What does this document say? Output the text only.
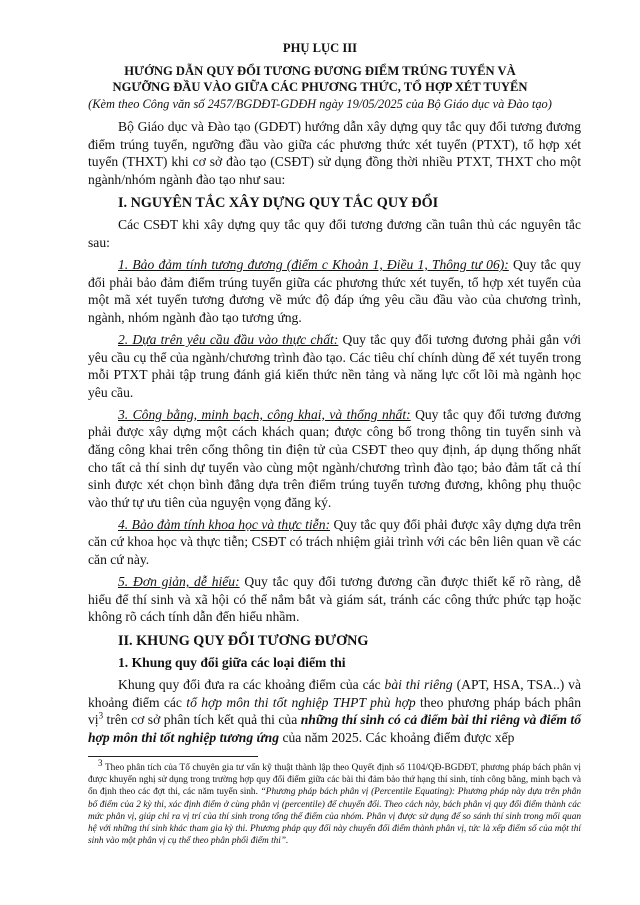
PHỤ LỤC III
HƯỚNG DẪN QUY ĐỔI TƯƠNG ĐƯƠNG ĐIỂM TRÚNG TUYỂN VÀ
NGƯỠNG ĐẦU VÀO GIỮA CÁC PHƯƠNG THỨC, TỔ HỢP XÉT TUYỂN
(Kèm theo Công văn số 2457/BGDĐT-GDĐH ngày 19/05/2025 của Bộ Giáo dục và Đào tạo)

Bộ Giáo dục và Đào tạo (GDĐT) hướng dẫn xây dựng quy tắc quy đổi tương đương điểm trúng tuyển, ngưỡng đầu vào giữa các phương thức xét tuyển (PTXT), tổ hợp xét tuyển (THXT) khi cơ sở đào tạo (CSĐT) sử dụng đồng thời nhiều PTXT, THXT cho một ngành/nhóm ngành đào tạo như sau:

I. NGUYÊN TẮC XÂY DỰNG QUY TẮC QUY ĐỔI

Các CSĐT khi xây dựng quy tắc quy đổi tương đương cần tuân thủ các nguyên tắc sau:

1. Bảo đảm tính tương đương (điểm c Khoản 1, Điều 1, Thông tư 06): Quy tắc quy đổi phải bảo đảm điểm trúng tuyển giữa các phương thức xét tuyển, tổ hợp xét tuyển của một mã xét tuyển tương đương về mức độ đáp ứng yêu cầu đầu vào của chương trình, ngành, nhóm ngành đào tạo tương ứng.

2. Dựa trên yêu cầu đầu vào thực chất: Quy tắc quy đổi tương đương phải gắn với yêu cầu cụ thể của ngành/chương trình đào tạo. Các tiêu chí chính dùng để xét tuyển trong mỗi PTXT phải tập trung đánh giá kiến thức nền tảng và năng lực cốt lõi mà ngành học yêu cầu.

3. Công bằng, minh bạch, công khai, và thống nhất: Quy tắc quy đổi tương đương phải được xây dựng một cách khách quan; được công bố trong thông tin tuyển sinh và đăng công khai trên cổng thông tin điện tử của CSĐT theo quy định, áp dụng thống nhất cho tất cả thí sinh dự tuyển vào cùng một ngành/chương trình đào tạo; bảo đảm tất cả thí sinh được xét chọn bình đẳng dựa trên điểm trúng tuyển tương đương, không phụ thuộc vào thứ tự ưu tiên của nguyện vọng đăng ký.

4. Bảo đảm tính khoa học và thực tiễn: Quy tắc quy đổi phải được xây dựng dựa trên căn cứ khoa học và thực tiễn; CSĐT có trách nhiệm giải trình với các bên liên quan về các căn cứ này.

5. Đơn giản, dễ hiểu: Quy tắc quy đổi tương đương cần được thiết kế rõ ràng, dễ hiểu để thí sinh và xã hội có thể nắm bắt và giám sát, tránh các công thức phức tạp hoặc không rõ cách tính dẫn đến hiểu nhầm.

II. KHUNG QUY ĐỔI TƯƠNG ĐƯƠNG
1. Khung quy đổi giữa các loại điểm thi

Khung quy đổi đưa ra các khoảng điểm của các bài thi riêng (APT, HSA, TSA..) và khoảng điểm các tổ hợp môn thi tốt nghiệp THPT phù hợp theo phương pháp bách phân vị$^3$ trên cơ sở phân tích kết quả thi của những thí sinh có cả điểm bài thi riêng và điểm tổ hợp môn thi tốt nghiệp tương ứng của năm 2025. Các khoảng điểm được xếp

$^3$ Theo phân tích của Tổ chuyên gia tư vấn kỹ thuật thành lập theo Quyết định số 1104/QĐ-BGDĐT, phương pháp bách phân vị được khuyến nghị sử dụng trong trường hợp quy đổi điểm giữa các bài thi đảm bảo thứ hạng thí sinh, tính công bằng, minh bạch và ổn định theo các đợt thi, các năm tuyển sinh. “Phương pháp bách phân vị (Percentile Equating): Phương pháp này dựa trên phân bố điểm của 2 kỳ thi, xác định điểm ở cùng phân vị (percentile) để chuyển đổi. Theo cách này, bách phân vị quy đổi điểm thành các mức phân vị, giúp chỉ ra vị trí của thí sinh trong tổng thể điểm của nhóm. Phân vị được sử dụng để so sánh thí sinh trong mối quan hệ với những thí sinh khác tham gia kỳ thi. Phương pháp quy đổi này chuyển đổi điểm thành phân vị, tức là xếp điểm số của một thí sinh vào một phân vị cụ thể theo phân phối điểm thi”.
